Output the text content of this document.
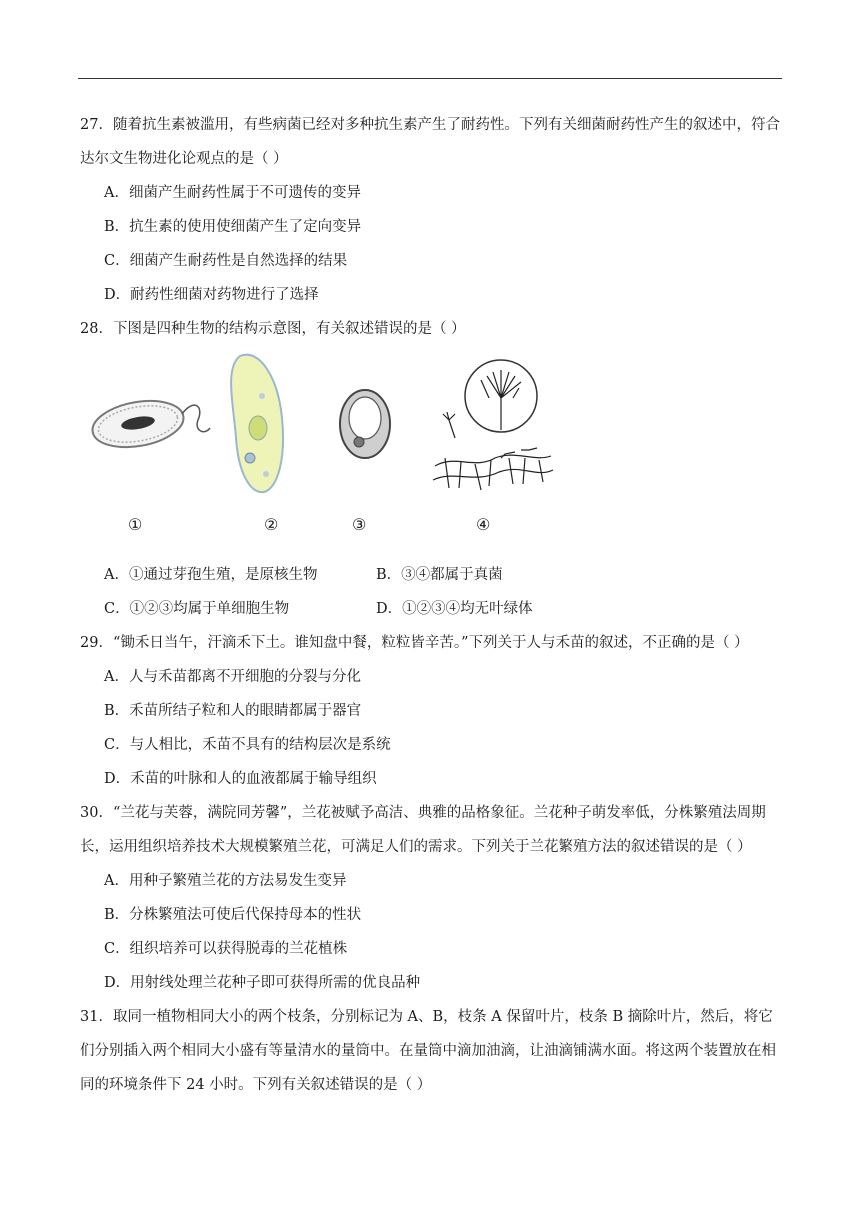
27．随着抗生素被滥用，有些病菌已经对多种抗生素产生了耐药性。下列有关细菌耐药性产生的叙述中，符合达尔文生物进化论观点的是（ ）

A．细菌产生耐药性属于不可遗传的变异

B．抗生素的使用使细菌产生了定向变异

C．细菌产生耐药性是自然选择的结果

D．耐药性细菌对药物进行了选择

28．下图是四种生物的结构示意图，有关叙述错误的是（ ）

①	②	③	④
A．①通过芽孢生殖，是原核生物	B．③④都属于真菌
C．①②③均属于单细胞生物	D．①②③④均无叶绿体

29．“锄禾日当午，汗滴禾下土。谁知盘中餐，粒粒皆辛苦。”下列关于人与禾苗的叙述，不正确的是（ ）

A．人与禾苗都离不开细胞的分裂与分化

B．禾苗所结子粒和人的眼睛都属于器官

C．与人相比，禾苗不具有的结构层次是系统

D．禾苗的叶脉和人的血液都属于输导组织

30．“兰花与芙蓉，满院同芳馨”，兰花被赋予高洁、典雅的品格象征。兰花种子萌发率低，分株繁殖法周期长，运用组织培养技术大规模繁殖兰花，可满足人们的需求。下列关于兰花繁殖方法的叙述错误的是（ ）

A．用种子繁殖兰花的方法易发生变异

B．分株繁殖法可使后代保持母本的性状

C．组织培养可以获得脱毒的兰花植株

D．用射线处理兰花种子即可获得所需的优良品种

31．取同一植物相同大小的两个枝条，分别标记为 A、B，枝条 A 保留叶片，枝条 B 摘除叶片，然后，将它们分别插入两个相同大小盛有等量清水的量筒中。在量筒中滴加油滴，让油滴铺满水面。将这两个装置放在相同的环境条件下 24 小时。下列有关叙述错误的是（ ）
